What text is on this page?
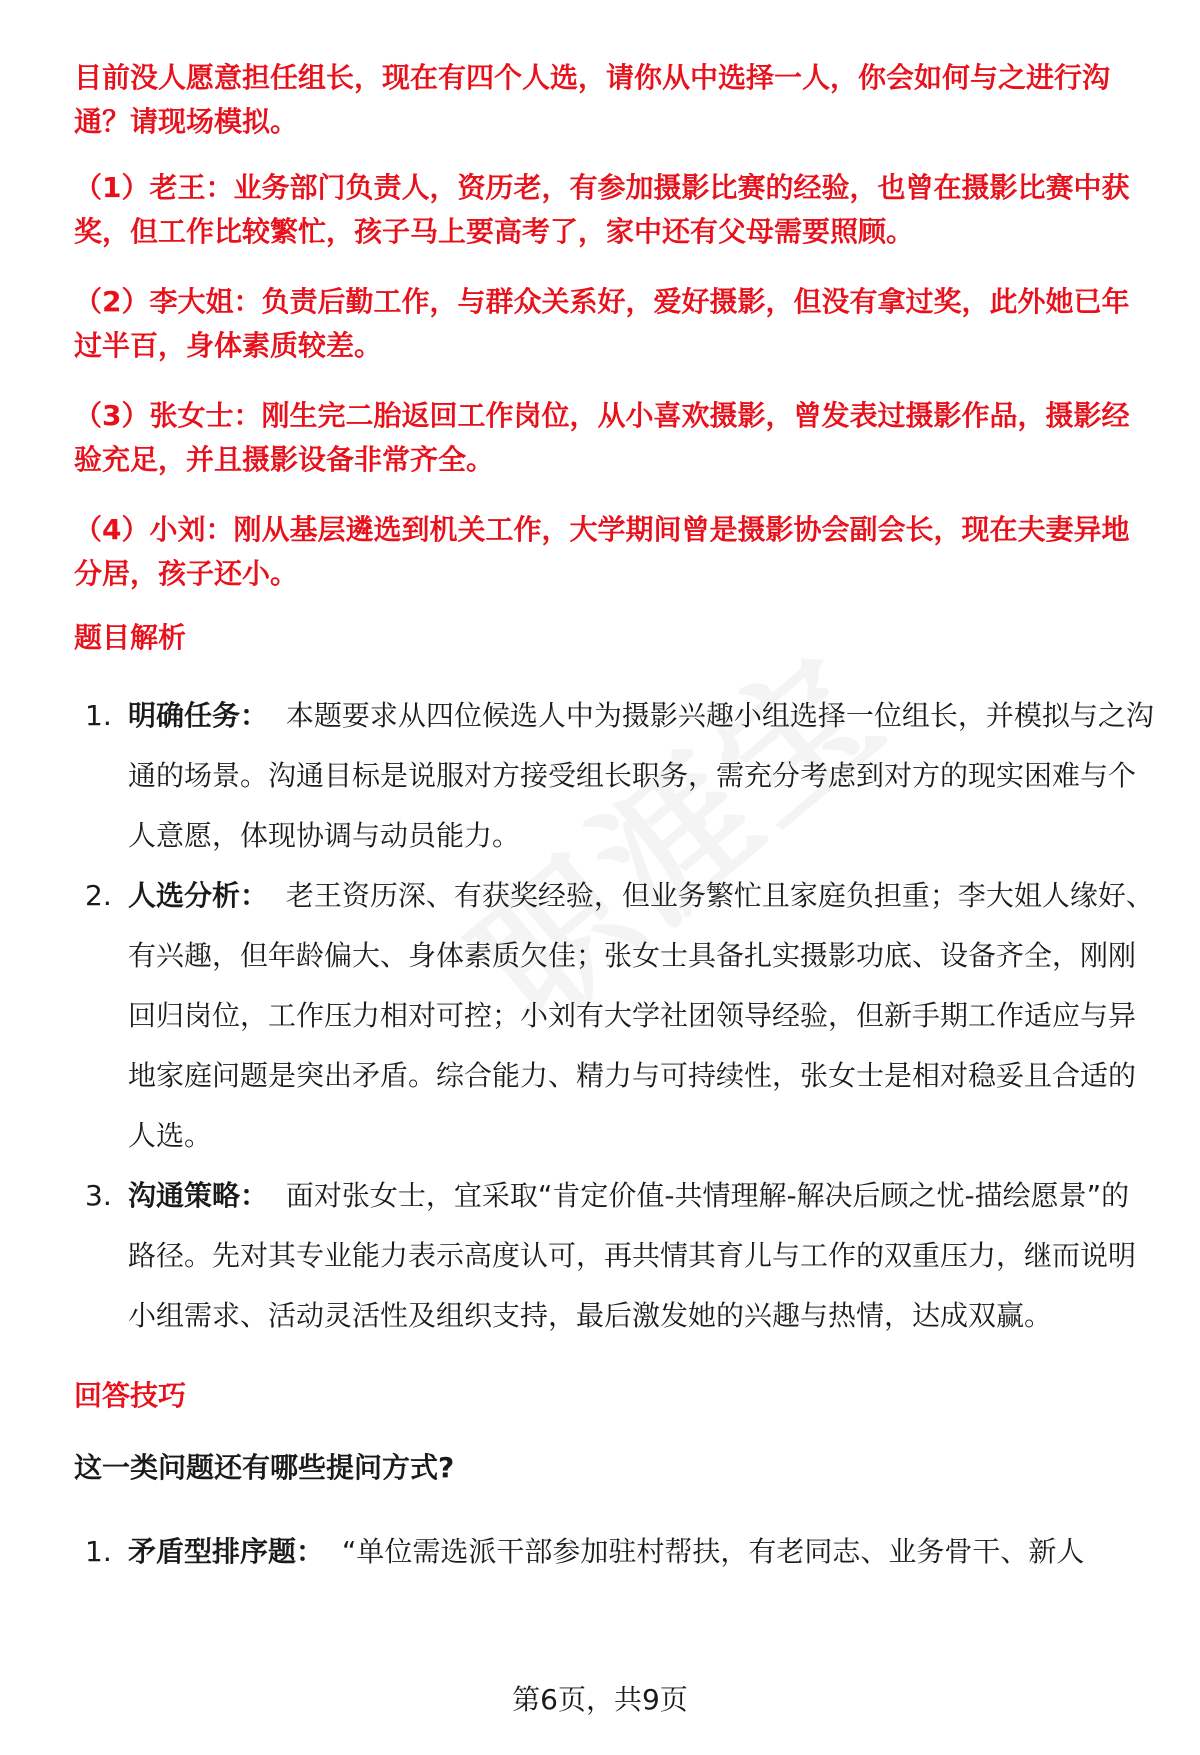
目前没人愿意担任组长，现在有四个人选，请你从中选择一人，你会如何与之进行沟通？请现场模拟。

（1）老王：业务部门负责人，资历老，有参加摄影比赛的经验，也曾在摄影比赛中获奖，但工作比较繁忙，孩子马上要高考了，家中还有父母需要照顾。

（2）李大姐：负责后勤工作，与群众关系好，爱好摄影，但没有拿过奖，此外她已年过半百，身体素质较差。

（3）张女士：刚生完二胎返回工作岗位，从小喜欢摄影，曾发表过摄影作品，摄影经验充足，并且摄影设备非常齐全。

（4）小刘：刚从基层遴选到机关工作，大学期间曾是摄影协会副会长，现在夫妻异地分居，孩子还小。

题目解析
1. 明确任务： 本题要求从四位候选人中为摄影兴趣小组选择一位组长，并模拟与之沟通的场景。沟通目标是说服对方接受组长职务，需充分考虑到对方的现实困难与个人意愿，体现协调与动员能力。
2. 人选分析： 老王资历深、有获奖经验，但业务繁忙且家庭负担重；李大姐人缘好、有兴趣，但年龄偏大、身体素质欠佳；张女士具备扎实摄影功底、设备齐全，刚刚回归岗位，工作压力相对可控；小刘有大学社团领导经验，但新手期工作适应与异地家庭问题是突出矛盾。综合能力、精力与可持续性，张女士是相对稳妥且合适的人选。
3. 沟通策略： 面对张女士，宜采取“肯定价值-共情理解-解决后顾之忧-描绘愿景”的路径。先对其专业能力表示高度认可，再共情其育儿与工作的双重压力，继而说明小组需求、活动灵活性及组织支持，最后激发她的兴趣与热情，达成双赢。
回答技巧
这一类问题还有哪些提问方式?
1. 矛盾型排序题： “单位需选派干部参加驻村帮扶，有老同志、业务骨干、新人
第6页，共9页
